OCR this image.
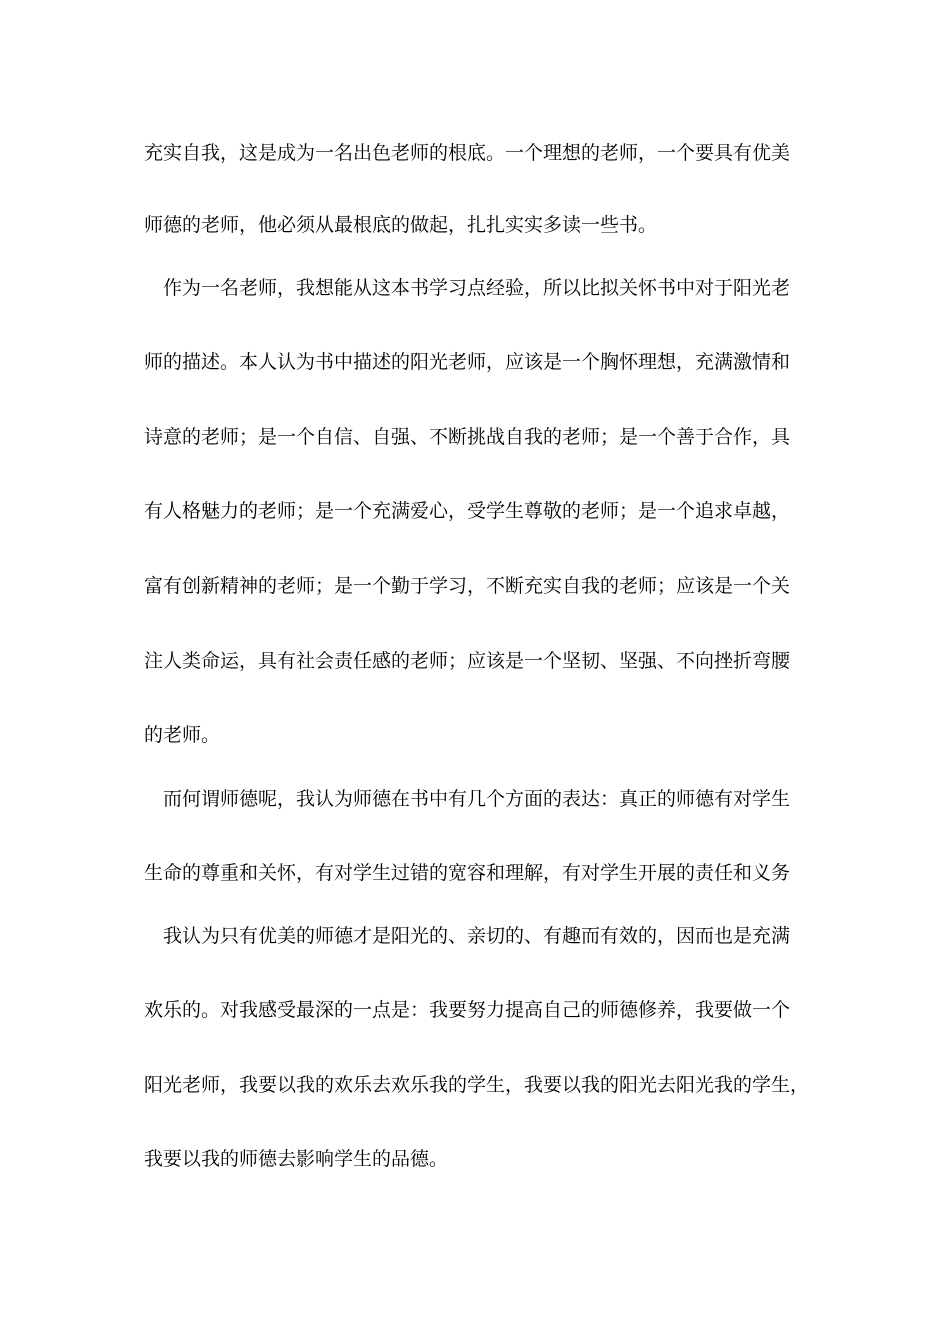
充实自我，这是成为一名出色老师的根底。一个理想的老师，一个要具有优美
师德的老师，他必须从最根底的做起，扎扎实实多读一些书。
　作为一名老师，我想能从这本书学习点经验，所以比拟关怀书中对于阳光老
师的描述。本人认为书中描述的阳光老师，应该是一个胸怀理想，充满激情和
诗意的老师；是一个自信、自强、不断挑战自我的老师；是一个善于合作，具
有人格魅力的老师；是一个充满爱心，受学生尊敬的老师；是一个追求卓越，
富有创新精神的老师；是一个勤于学习，不断充实自我的老师；应该是一个关
注人类命运，具有社会责任感的老师；应该是一个坚韧、坚强、不向挫折弯腰
的老师。
　而何谓师德呢，我认为师德在书中有几个方面的表达：真正的师德有对学生
生命的尊重和关怀，有对学生过错的宽容和理解，有对学生开展的责任和义务
　我认为只有优美的师德才是阳光的、亲切的、有趣而有效的，因而也是充满
欢乐的。对我感受最深的一点是：我要努力提高自己的师德修养，我要做一个
阳光老师，我要以我的欢乐去欢乐我的学生，我要以我的阳光去阳光我的学生，
我要以我的师德去影响学生的品德。
